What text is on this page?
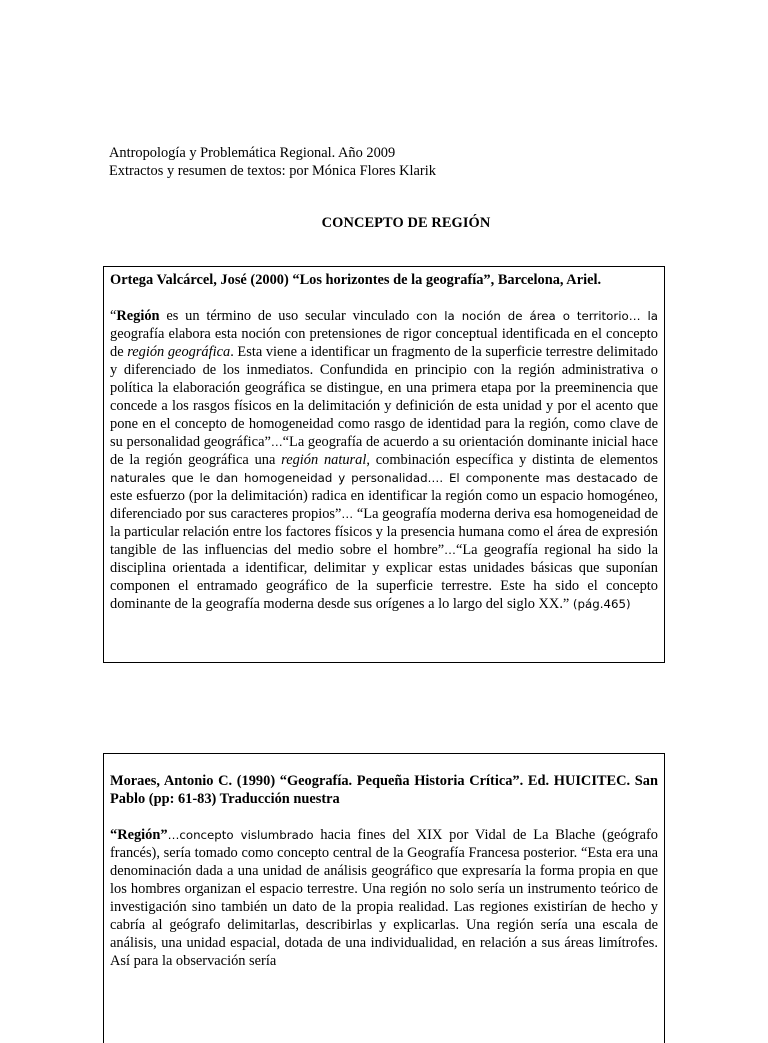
Antropología y Problemática Regional. Año 2009
Extractos y resumen de textos: por Mónica Flores Klarik
CONCEPTO DE REGIÓN

Ortega Valcárcel, José (2000) “Los horizontes de la geografía”, Barcelona, Ariel.

“Región es un término de uso secular vinculado con la noción de área o territorio… la geografía elabora esta noción con pretensiones de rigor conceptual identificada en el concepto de región geográfica. Esta viene a identificar un fragmento de la superficie terrestre delimitado y diferenciado de los inmediatos. Confundida en principio con la región administrativa o política la elaboración geográfica se distingue, en una primera etapa por la preeminencia que concede a los rasgos físicos en la delimitación y definición de esta unidad y por el acento que pone en el concepto de homogeneidad como rasgo de identidad para la región, como clave de su personalidad geográfica”…“La geografía de acuerdo a su orientación dominante inicial hace de la región geográfica una región natural, combinación específica y distinta de elementos naturales que le dan homogeneidad y personalidad…. El componente mas destacado de este esfuerzo (por la delimitación) radica en identificar la región como un espacio homogéneo, diferenciado por sus caracteres propios”… “La geografía moderna deriva esa homogeneidad de la particular relación entre los factores físicos y la presencia humana como el área de expresión tangible de las influencias del medio sobre el hombre”…“La geografía regional ha sido la disciplina orientada a identificar, delimitar y explicar estas unidades básicas que suponían componen el entramado geográfico de la superficie terrestre. Este ha sido el concepto dominante de la geografía moderna desde sus orígenes a lo largo del siglo XX.” (pág.465)

Moraes, Antonio C. (1990) “Geografía. Pequeña Historia Crítica”. Ed. HUICITEC. San Pablo (pp: 61-83) Traducción nuestra

“Región”…concepto vislumbrado hacia fines del XIX por Vidal de La Blache (geógrafo francés), sería tomado como concepto central de la Geografía Francesa posterior. “Esta era una denominación dada a una unidad de análisis geográfico que expresaría la forma propia en que los hombres organizan el espacio terrestre. Una región no solo sería un instrumento teórico de investigación sino también un dato de la propia realidad. Las regiones existirían de hecho y cabría al geógrafo delimitarlas, describirlas y explicarlas. Una región sería una escala de análisis, una unidad espacial, dotada de una individualidad, en relación a sus áreas limítrofes. Así para la observación sería
